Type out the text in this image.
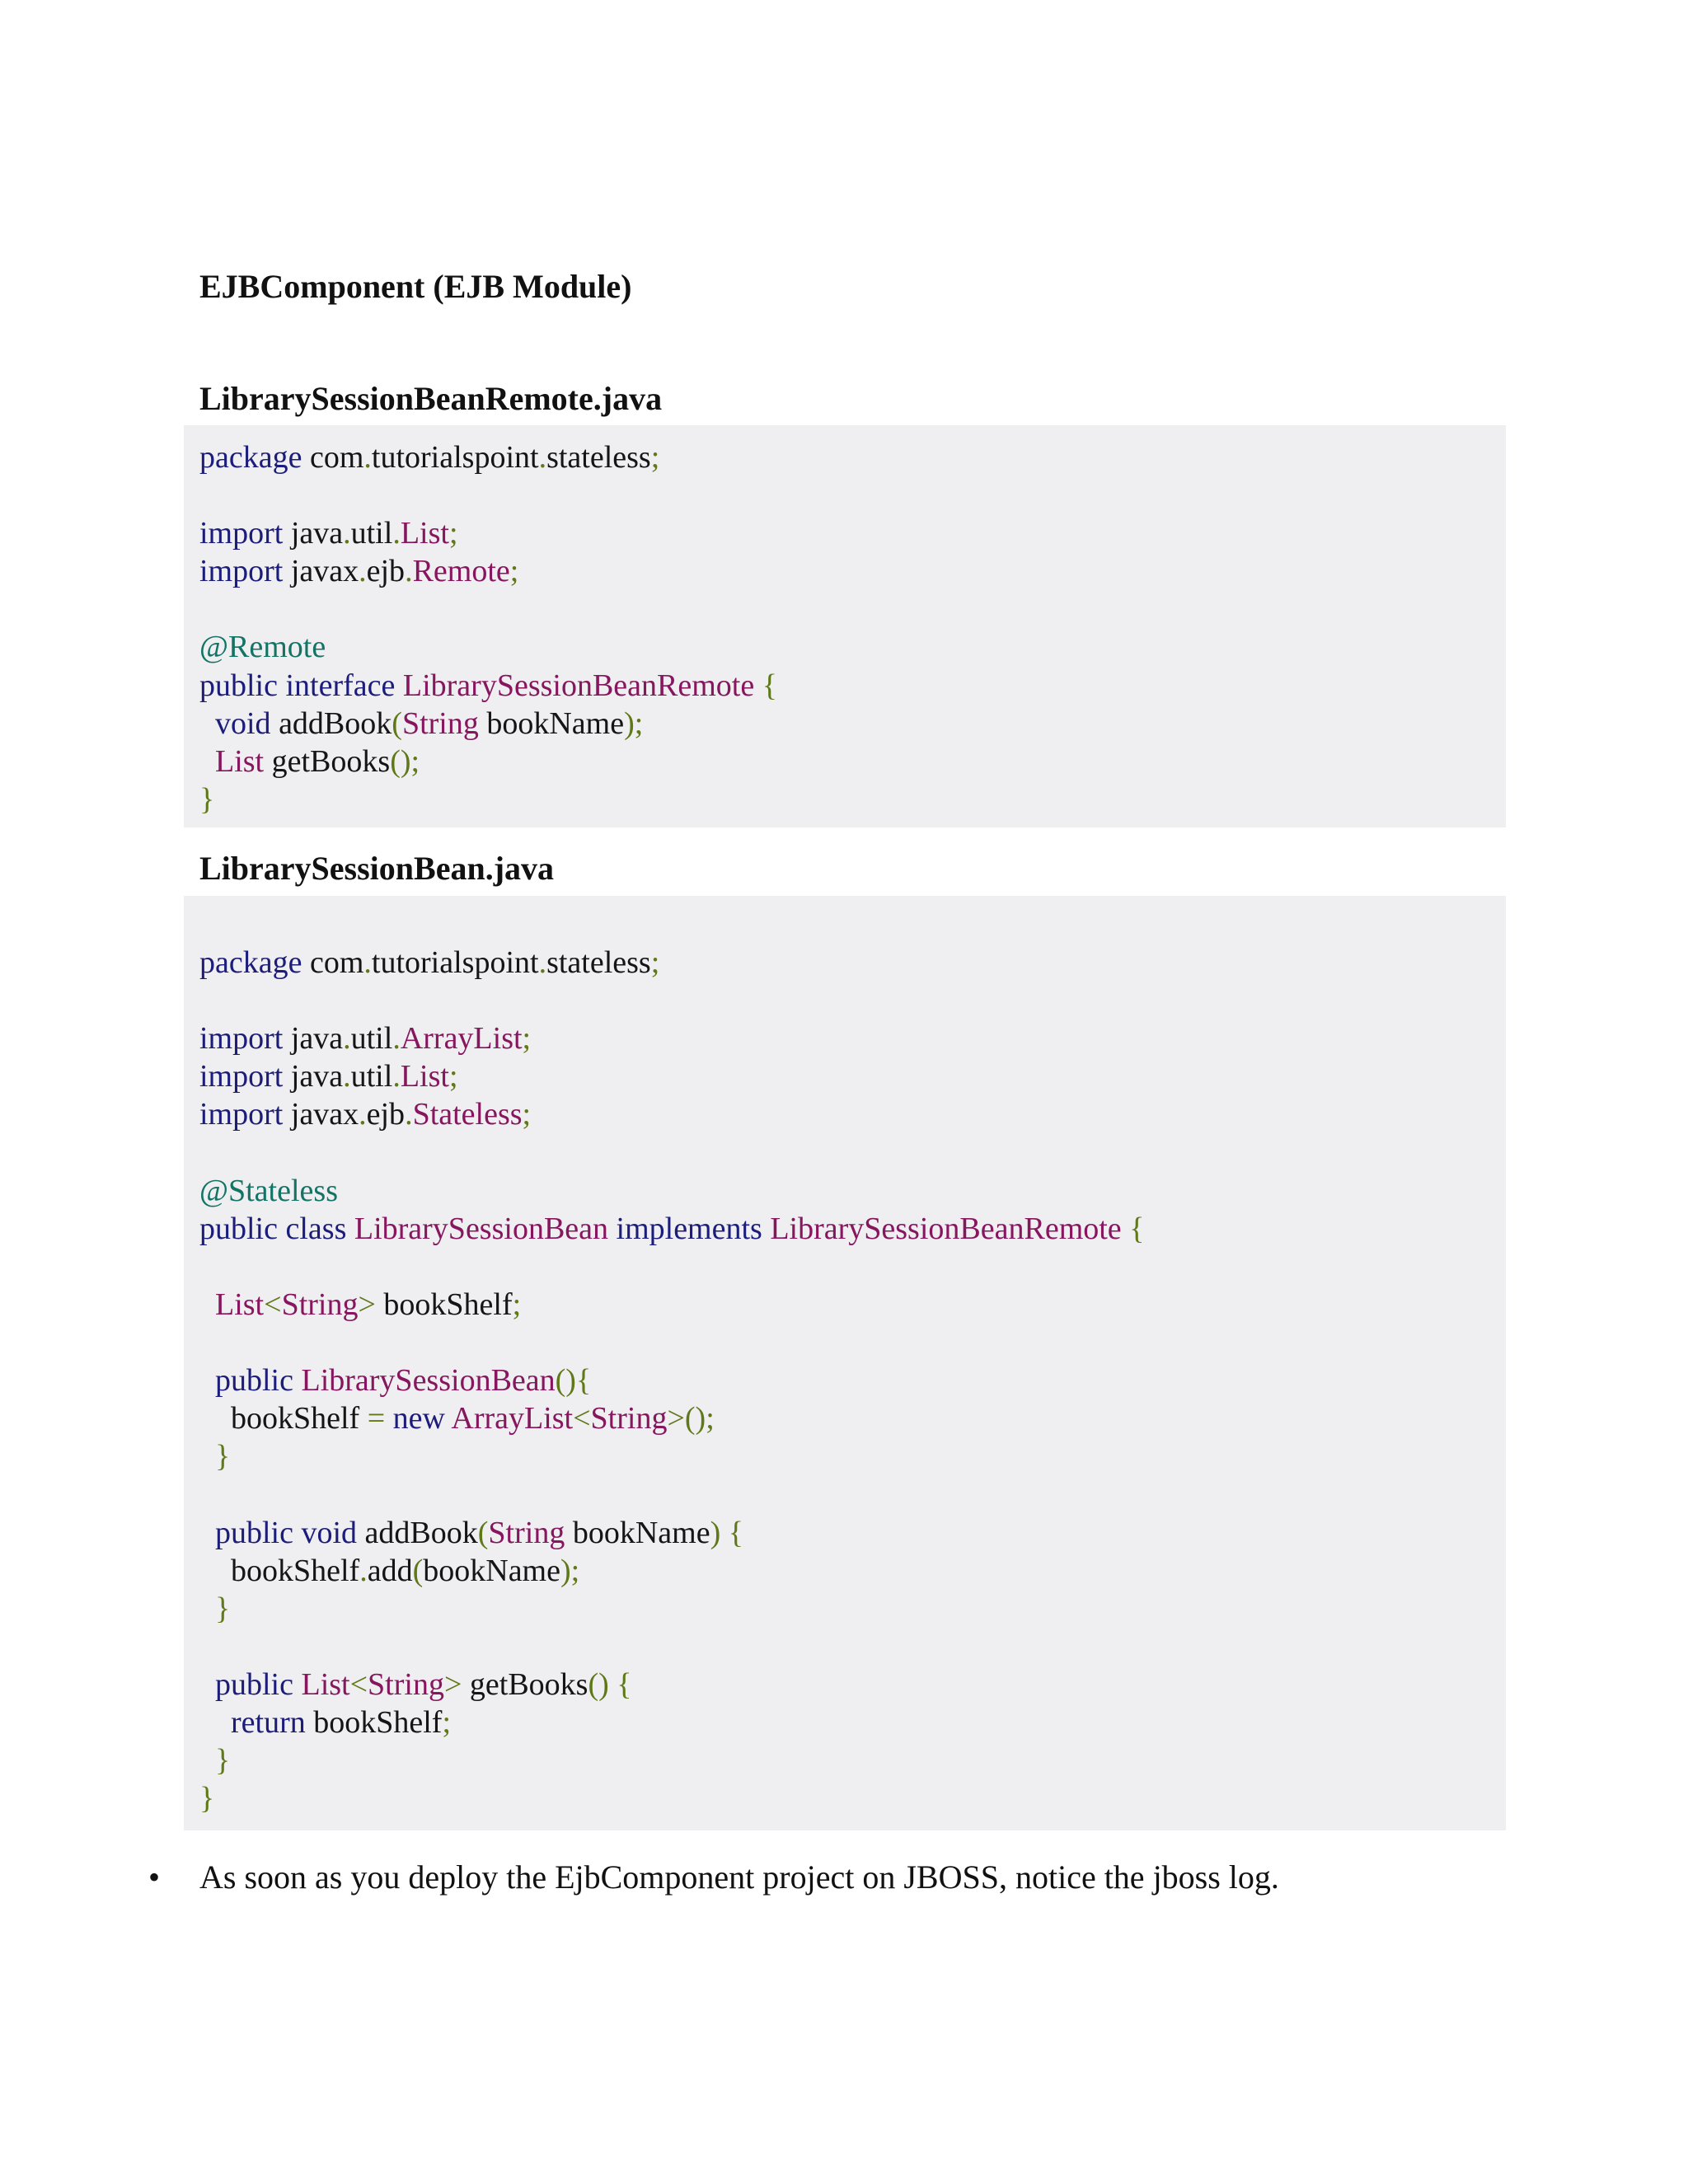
EJBComponent (EJB Module)
LibrarySessionBeanRemote.java
package com.tutorialspoint.stateless;

import java.util.List;
import javax.ejb.Remote;

@Remote
public interface LibrarySessionBeanRemote {
void addBook(String bookName);
List getBooks();
}
LibrarySessionBean.java

package com.tutorialspoint.stateless;

import java.util.ArrayList;
import java.util.List;
import javax.ejb.Stateless;

@Stateless
public class LibrarySessionBean implements LibrarySessionBeanRemote {

List<String> bookShelf;

public LibrarySessionBean(){
bookShelf = new ArrayList<String>();
}

public void addBook(String bookName) {
bookShelf.add(bookName);
}

public List<String> getBooks() {
return bookShelf;
}
}
• As soon as you deploy the EjbComponent project on JBOSS, notice the jboss log.
